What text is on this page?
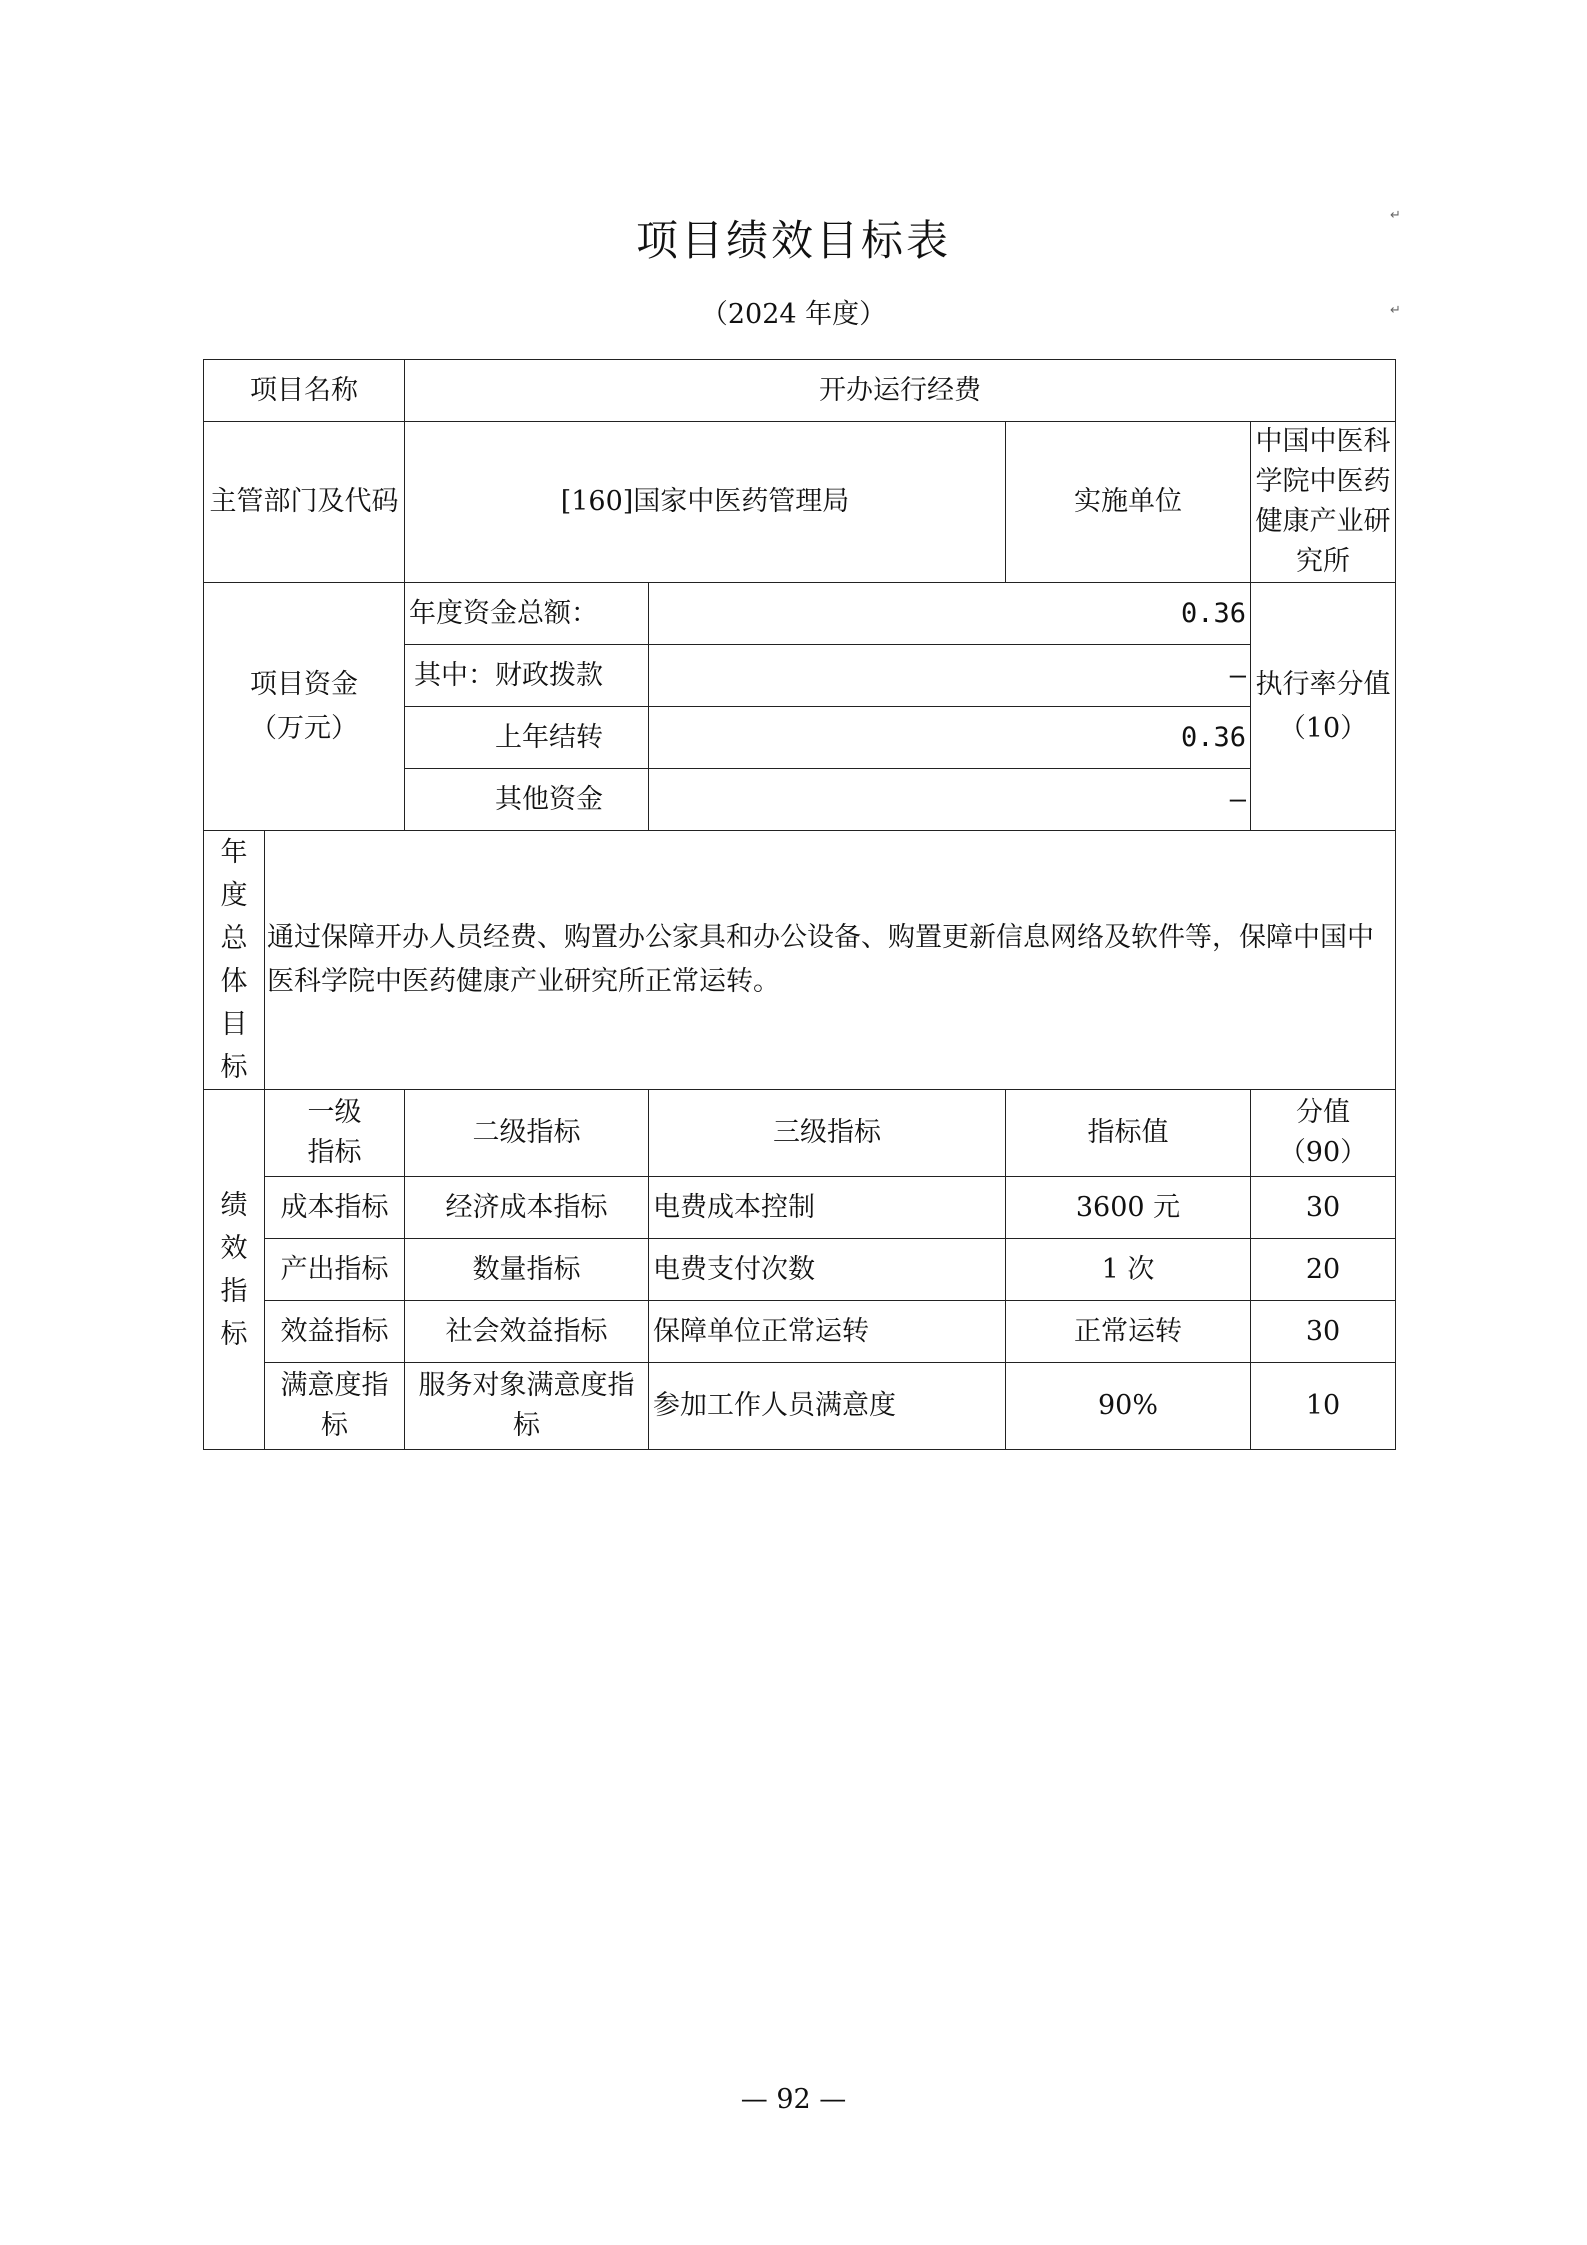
项目绩效目标表
（2024 年度）
↵
↵
项目名称		开办运行经费			
主管部门及代码		[160]国家中医药管理局		实施单位	中国中医科学院中医药健康产业研究所
项目资金（万元）		年度资金总额：	0.36		执行率分值（10）
		其中：财政拨款	–		
		上年结转	0.36		
		其他资金	–		
年度总体目标	通过保障开办人员经费、购置办公家具和办公设备、购置更新信息网络及软件等，保障中国中医科学院中医药健康产业研究所正常运转。				
绩效指标	一级指标	二级指标	三级指标	指标值	分值（90）
	成本指标	经济成本指标	电费成本控制	3600 元	30
	产出指标	数量指标	电费支付次数	1 次	20
	效益指标	社会效益指标	保障单位正常运转	正常运转	30
	满意度指标	服务对象满意度指标	参加工作人员满意度	90%	10
— 92 —
